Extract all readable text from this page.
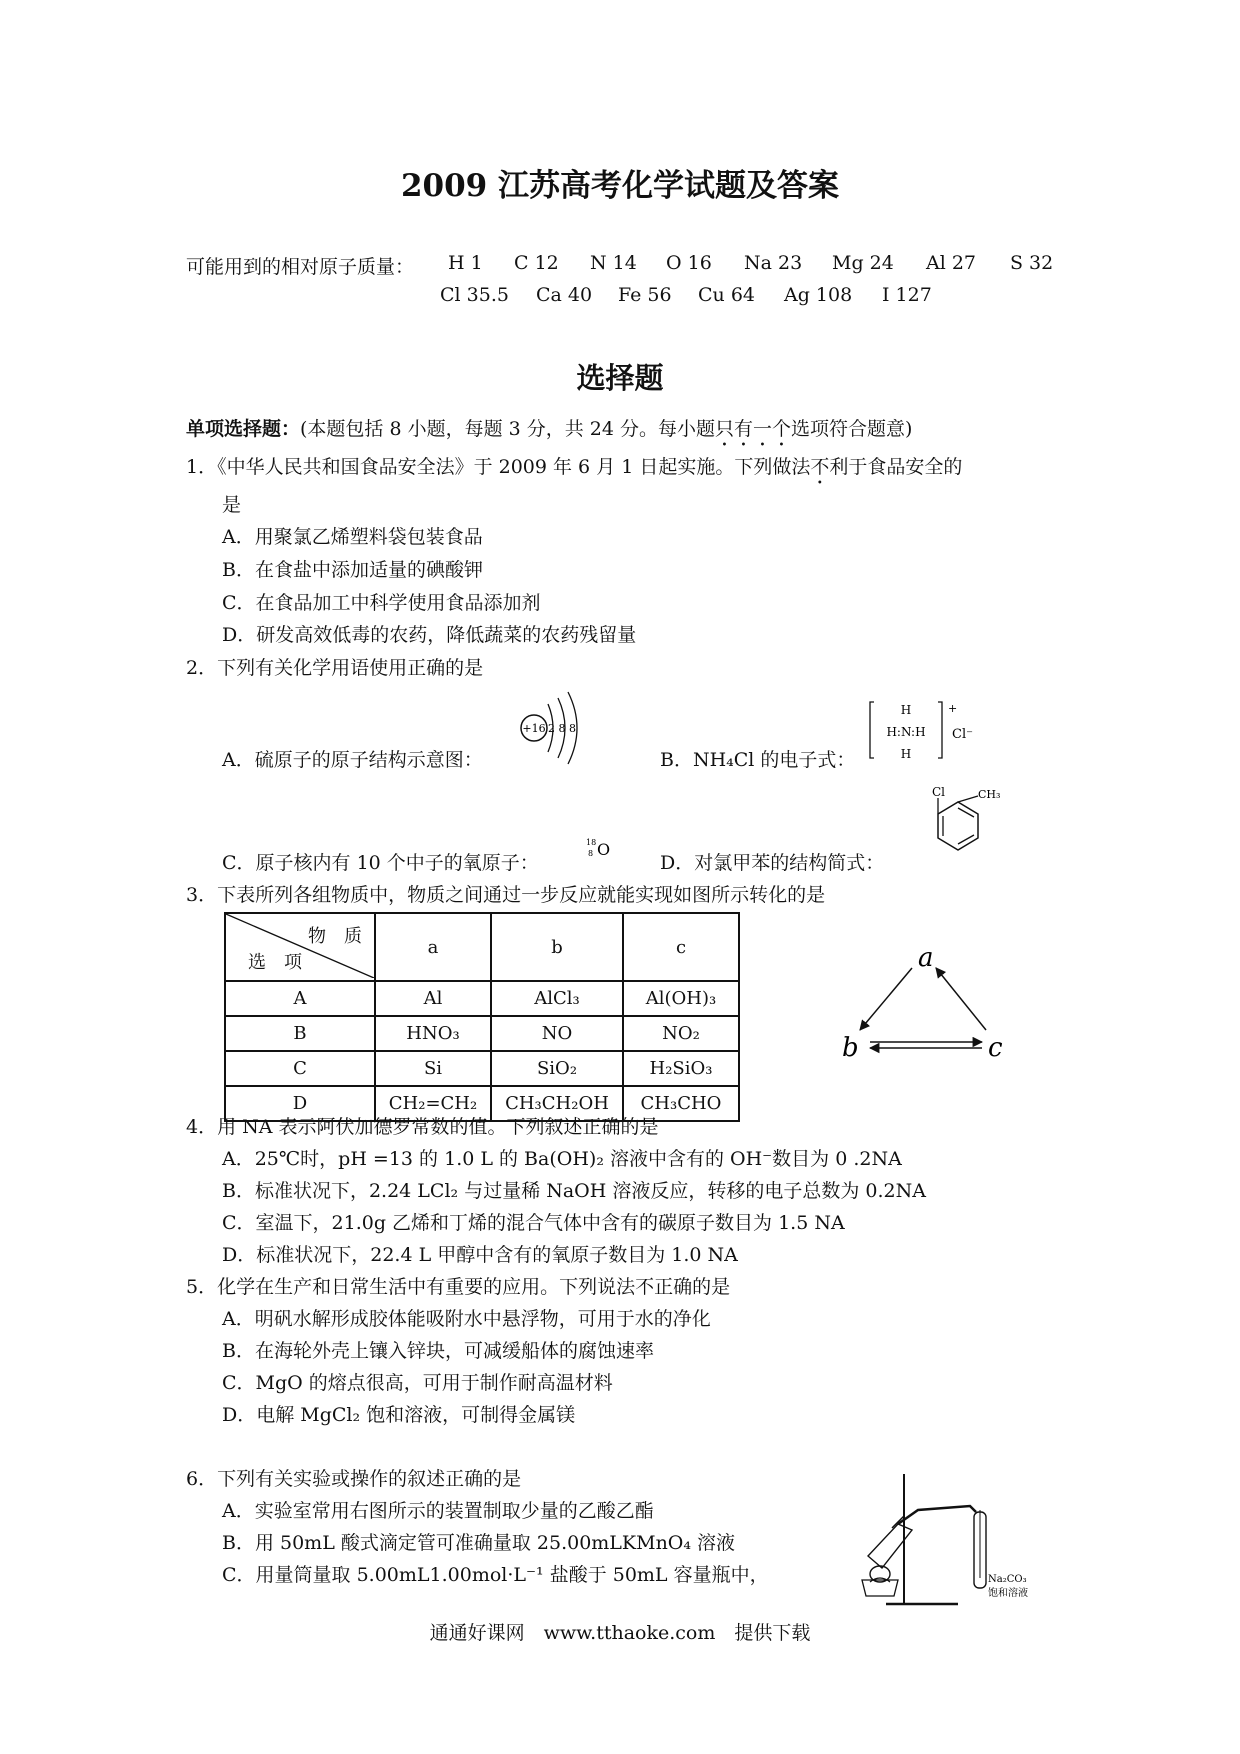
2009 江苏高考化学试题及答案
可能用到的相对原子质量： H 1 C 12 N 14 O 16 Na 23 Mg 24 Al 27 S 32
Cl 35.5 Ca 40 Fe 56 Cu 64 Ag 108 I 127
选择题
单项选择题：(本题包括 8 小题，每题 3 分，共 24 分。每小题只有一个选项符合题意)
1．《中华人民共和国食品安全法》于 2009 年 6 月 1 日起实施。下列做法不利于食品安全的
是
A．用聚氯乙烯塑料袋包装食品
B．在食盐中添加适量的碘酸钾
C．在食品加工中科学使用食品添加剂
D．研发高效低毒的农药，降低蔬菜的农药残留量
2．下列有关化学用语使用正确的是
A．硫原子的原子结构示意图：
+16 2 8 8
B．NH₄Cl 的电子式：
H
H:N:H
H
+
Cl⁻
C．原子核内有 10 个中子的氧原子：
18
8 O
D．对氯甲苯的结构简式：
Cl	CH₃
3．下表所列各组物质中，物质之间通过一步反应就能实现如图所示转化的是
物　质
选　项	a	b	c
A	Al	AlCl₃	Al(OH)₃
B	HNO₃	NO	NO₂
C	Si	SiO₂	H₂SiO₃
D	CH₂=CH₂	CH₃CH₂OH	CH₃CHO
a
b	c
4．用 NA 表示阿伏加德罗常数的值。下列叙述正确的是
A．25℃时，pH =13 的 1.0 L 的 Ba(OH)₂ 溶液中含有的 OH⁻数目为 0 .2NA
B．标准状况下，2.24 LCl₂ 与过量稀 NaOH 溶液反应，转移的电子总数为 0.2NA
C．室温下，21.0g 乙烯和丁烯的混合气体中含有的碳原子数目为 1.5 NA
D．标准状况下，22.4 L 甲醇中含有的氧原子数目为 1.0 NA
5．化学在生产和日常生活中有重要的应用。下列说法不正确的是
A．明矾水解形成胶体能吸附水中悬浮物，可用于水的净化
B．在海轮外壳上镶入锌块，可减缓船体的腐蚀速率
C．MgO 的熔点很高，可用于制作耐高温材料
D．电解 MgCl₂ 饱和溶液，可制得金属镁
6．下列有关实验或操作的叙述正确的是
A．实验室常用右图所示的装置制取少量的乙酸乙酯
B．用 50mL 酸式滴定管可准确量取 25.00mLKMnO₄ 溶液
C．用量筒量取 5.00mL1.00mol·L⁻¹ 盐酸于 50mL 容量瓶中，	Na₂CO₃
饱和溶液
通通好课网　www.tthaoke.com　提供下载
